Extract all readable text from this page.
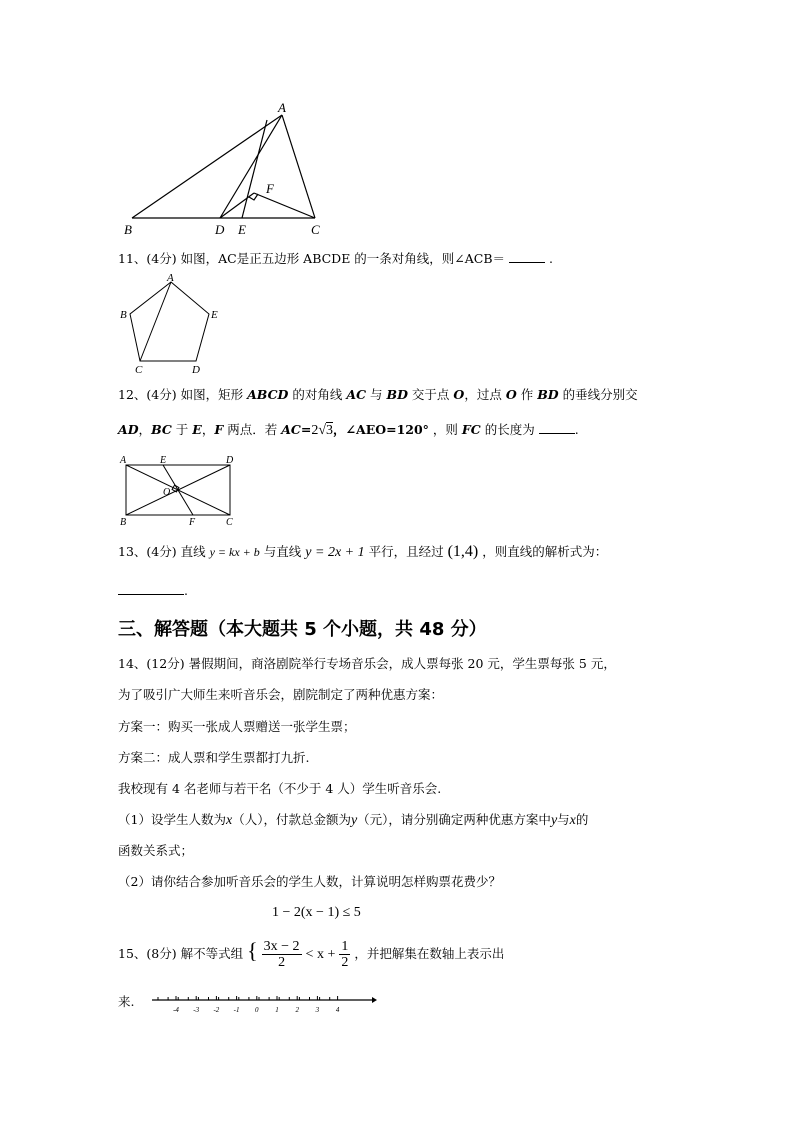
A
B	D E	C
F
11、(4分) 如图，AC是正五边形 ABCDE 的一条对角线，则∠ACB＝	.
A
B	E
C	D
12、(4分) 如图，矩形 ABCD 的对角线 AC 与 BD 交于点 O，过点 O 作 BD 的垂线分别交
AD，BC 于 E，F 两点．若 AC=2√3，∠AEO=120° ，则 FC 的长度为	.
A	E	D
O
B	F	C
13、(4分) 直线 y = kx + b 与直线 y = 2x + 1 平行，且经过 (1,4) ，则直线的解析式为：
.
三、解答题（本大题共 5 个小题，共 48 分）
14、(12分) 暑假期间，商洛剧院举行专场音乐会，成人票每张 20 元，学生票每张 5 元，
为了吸引广大师生来听音乐会，剧院制定了两种优惠方案：
方案一：购买一张成人票赠送一张学生票；
方案二：成人票和学生票都打九折.
我校现有 4 名老师与若干名（不少于 4 人）学生听音乐会.
（1）设学生人数为x（人），付款总金额为y（元），请分别确定两种优惠方案中y与x的
函数关系式；
（2）请你结合参加听音乐会的学生人数，计算说明怎样购票花费少？
1 − 2(x − 1) ≤ 5
15、(8分) 解不等式组 { $\frac{3x - 2}{2} < x + \frac{1}{2}$ ，并把解集在数轴上表示出
来.
-4 -3 -2 -1 0 1 2 3 4
